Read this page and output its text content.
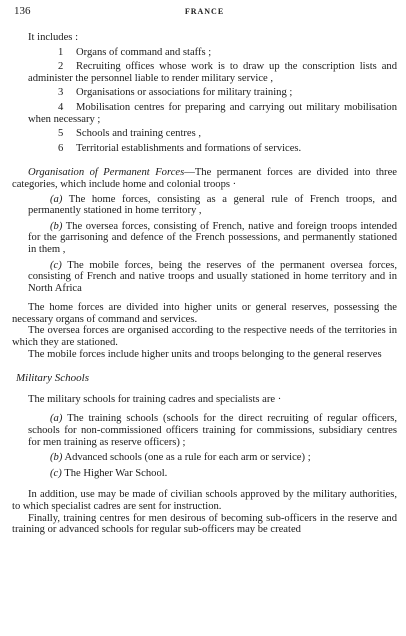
136	FRANCE

It includes :

1 Organs of command and staffs ;

2 Recruiting offices whose work is to draw up the conscription lists and administer the personnel liable to render military service ,

3 Organisations or associations for military training ;

4 Mobilisation centres for preparing and carrying out military mobilisation when necessary ;

5 Schools and training centres ,

6 Territorial establishments and formations of services.

Organisation of Permanent Forces—The permanent forces are divided into three categories, which include home and colonial troops ·

(a) The home forces, consisting as a general rule of French troops, and permanently stationed in home territory ,

(b) The oversea forces, consisting of French, native and foreign troops intended for the garrisoning and defence of the French possessions, and permanently stationed in them ,

(c) The mobile forces, being the reserves of the permanent oversea forces, consisting of French and native troops and usually stationed in home territory and in North Africa

The home forces are divided into higher units or general reserves, possessing the necessary organs of command and services.

The oversea forces are organised according to the respective needs of the territories in which they are stationed.

The mobile forces include higher units and troops belonging to the general reserves

Military Schools

The military schools for training cadres and specialists are ·

(a) The training schools (schools for the direct recruiting of regular officers, schools for non-commissioned officers training for commissions, subsidiary centres for men training as reserve officers) ;

(b) Advanced schools (one as a rule for each arm or service) ;

(c) The Higher War School.

In addition, use may be made of civilian schools approved by the military authorities, to which specialist cadres are sent for instruction.

Finally, training centres for men desirous of becoming sub-officers in the reserve and training or advanced schools for regular sub-officers may be created
